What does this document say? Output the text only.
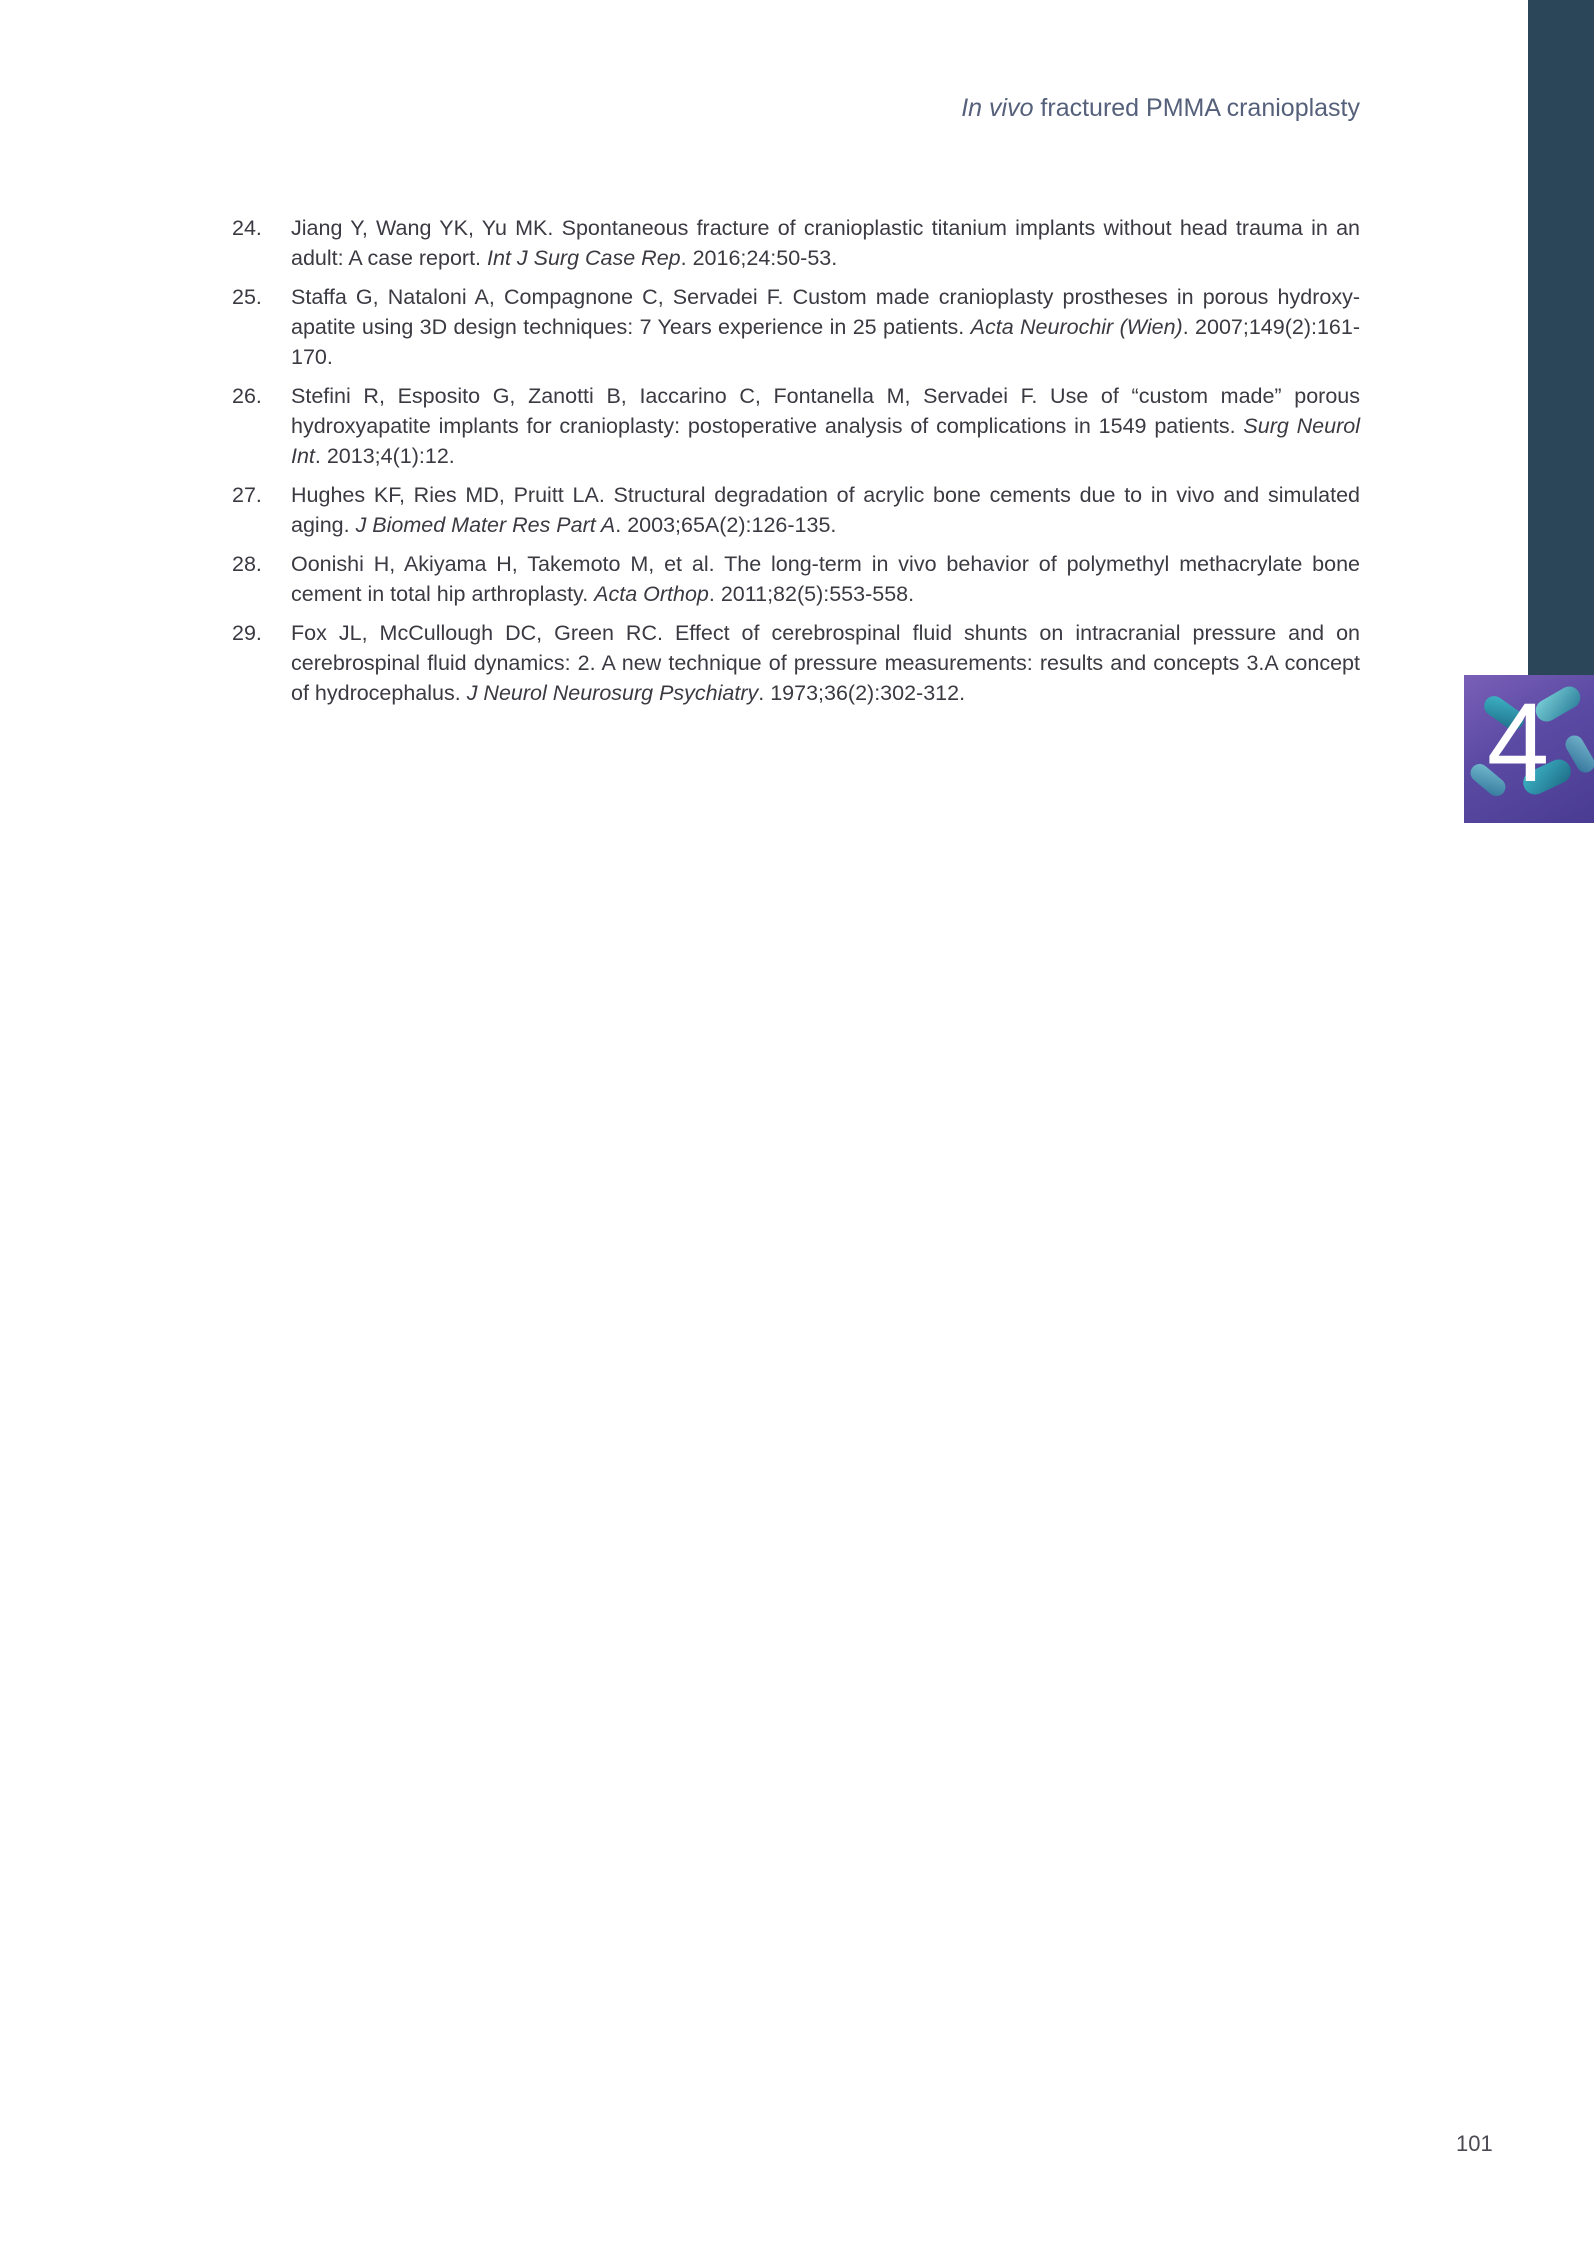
4
In vivo fractured PMMA cranioplasty
24.	Jiang Y, Wang YK, Yu MK. Spontaneous fracture of cranioplastic titanium implants without head trauma in an adult: A case report. Int J Surg Case Rep. 2016;24:50-53.
25.	Staffa G, Nataloni A, Compagnone C, Servadei F. Custom made cranioplasty prostheses in porous hydroxy-apatite using 3D design techniques: 7 Years experience in 25 patients. Acta Neurochir (Wien). 2007;149(2):161-170.
26.	Stefini R, Esposito G, Zanotti B, Iaccarino C, Fontanella M, Servadei F. Use of “custom made” porous hydroxyapatite implants for cranioplasty: postoperative analysis of complications in 1549 patients. Surg Neurol Int. 2013;4(1):12.
27.	Hughes KF, Ries MD, Pruitt LA. Structural degradation of acrylic bone cements due to in vivo and simulated aging. J Biomed Mater Res Part A. 2003;65A(2):126-135.
28.	Oonishi H, Akiyama H, Takemoto M, et al. The long-term in vivo behavior of polymethyl methacrylate bone cement in total hip arthroplasty. Acta Orthop. 2011;82(5):553-558.
29.	Fox JL, McCullough DC, Green RC. Effect of cerebrospinal fluid shunts on intracranial pressure and on cerebrospinal fluid dynamics: 2. A new technique of pressure measurements: results and concepts 3.A concept of hydrocephalus. J Neurol Neurosurg Psychiatry. 1973;36(2):302-312.
101
